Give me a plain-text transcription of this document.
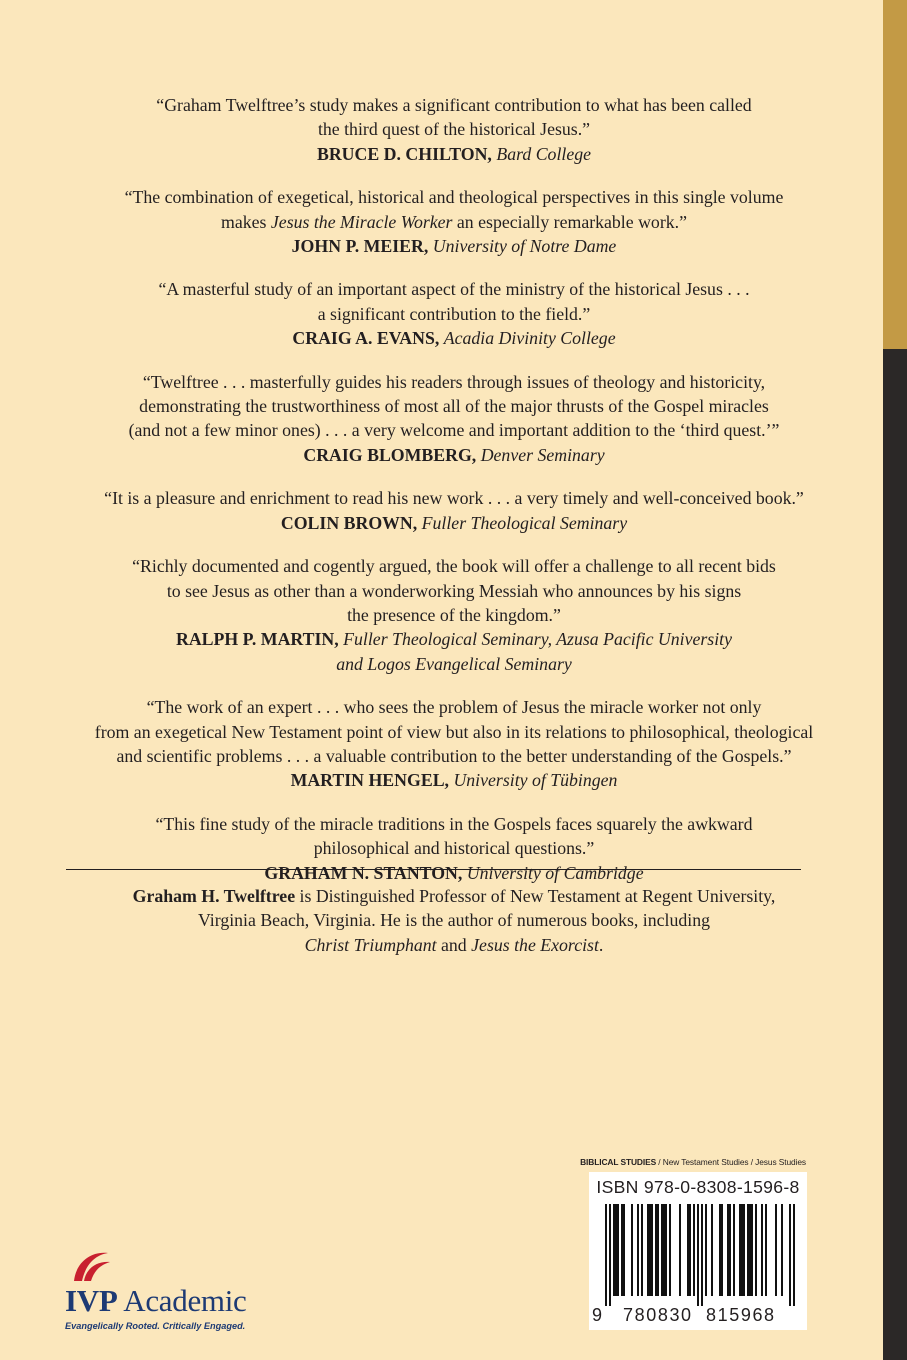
“Graham Twelftree’s study makes a significant contribution to what has been called
the third quest of the historical Jesus.”
BRUCE D. CHILTON, Bard College
“The combination of exegetical, historical and theological perspectives in this single volume
makes Jesus the Miracle Worker an especially remarkable work.”
JOHN P. MEIER, University of Notre Dame
“A masterful study of an important aspect of the ministry of the historical Jesus . . .
a significant contribution to the field.”
CRAIG A. EVANS, Acadia Divinity College
“Twelftree . . . masterfully guides his readers through issues of theology and historicity,
demonstrating the trustworthiness of most all of the major thrusts of the Gospel miracles
(and not a few minor ones) . . . a very welcome and important addition to the ‘third quest.’”
CRAIG BLOMBERG, Denver Seminary
“It is a pleasure and enrichment to read his new work . . . a very timely and well-conceived book.”
COLIN BROWN, Fuller Theological Seminary
“Richly documented and cogently argued, the book will offer a challenge to all recent bids
to see Jesus as other than a wonderworking Messiah who announces by his signs
the presence of the kingdom.”
RALPH P. MARTIN, Fuller Theological Seminary, Azusa Pacific University
and Logos Evangelical Seminary
“The work of an expert . . . who sees the problem of Jesus the miracle worker not only
from an exegetical New Testament point of view but also in its relations to philosophical, theological
and scientific problems . . . a valuable contribution to the better understanding of the Gospels.”
MARTIN HENGEL, University of Tübingen
“This fine study of the miracle traditions in the Gospels faces squarely the awkward
philosophical and historical questions.”
GRAHAM N. STANTON, University of Cambridge
Graham H. Twelftree is Distinguished Professor of New Testament at Regent University,
Virginia Beach, Virginia. He is the author of numerous books, including
Christ Triumphant and Jesus the Exorcist.
BIBLICAL STUDIES / New Testament Studies / Jesus Studies
ISBN 978-0-8308-1596-8
9 780830 815968
IVP Academic
Evangelically Rooted. Critically Engaged.
